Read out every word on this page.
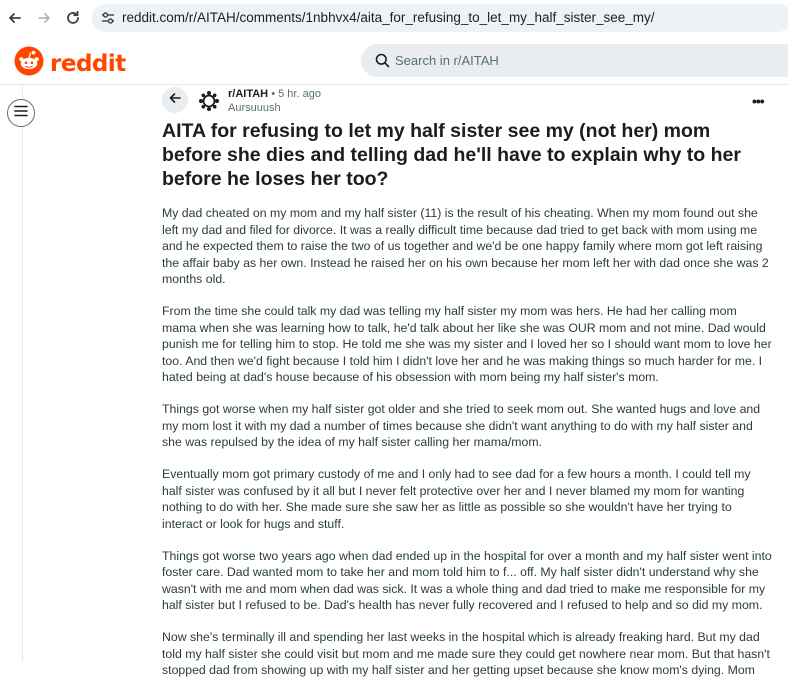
reddit.com/r/AITAH/comments/1nbhvx4/aita_for_refusing_to_let_my_half_sister_see_my/
reddit	Search in r/AITAH
r/AITAH • 5 hr. ago
Aursuuush	•••
AITA for refusing to let my half sister see my (not her) mom before she dies and telling dad he'll have to explain why to her before he loses her too?

My dad cheated on my mom and my half sister (11) is the result of his cheating. When my mom found out she left my dad and filed for divorce. It was a really difficult time because dad tried to get back with mom using me and he expected them to raise the two of us together and we'd be one happy family where mom got left raising the affair baby as her own. Instead he raised her on his own because her mom left her with dad once she was 2 months old.

From the time she could talk my dad was telling my half sister my mom was hers. He had her calling mom mama when she was learning how to talk, he'd talk about her like she was OUR mom and not mine. Dad would punish me for telling him to stop. He told me she was my sister and I loved her so I should want mom to love her too. And then we'd fight because I told him I didn't love her and he was making things so much harder for me. I hated being at dad's house because of his obsession with mom being my half sister's mom.

Things got worse when my half sister got older and she tried to seek mom out. She wanted hugs and love and my mom lost it with my dad a number of times because she didn't want anything to do with my half sister and she was repulsed by the idea of my half sister calling her mama/mom.

Eventually mom got primary custody of me and I only had to see dad for a few hours a month. I could tell my half sister was confused by it all but I never felt protective over her and I never blamed my mom for wanting nothing to do with her. She made sure she saw her as little as possible so she wouldn't have her trying to interact or look for hugs and stuff.

Things got worse two years ago when dad ended up in the hospital for over a month and my half sister went into foster care. Dad wanted mom to take her and mom told him to f... off. My half sister didn't understand why she wasn't with me and mom when dad was sick. It was a whole thing and dad tried to make me responsible for my half sister but I refused to be. Dad's health has never fully recovered and I refused to help and so did my mom.

Now she's terminally ill and spending her last weeks in the hospital which is already freaking hard. But my dad told my half sister she could visit but mom and me made sure they could get nowhere near mom. But that hasn't stopped dad from showing up with my half sister and her getting upset because she know mom's dying. Mom
